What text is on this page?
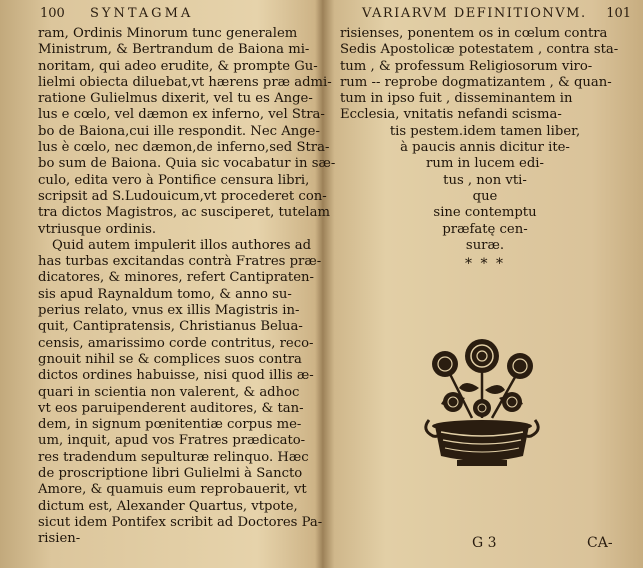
100 SYNTAGMA
ram, Ordinis Minorum tunc generalem
Ministrum, & Bertrandum de Baiona mi-
noritam, qui adeo erudite, & prompte Gu-
lielmi obiecta diluebat,vt hærens præ admi-
ratione Gulielmus dixerit, vel tu es Ange-
lus e cœlo, vel dæmon ex inferno, vel Stra-
bo de Baiona,cui ille respondit. Nec Ange-
lus è cœlo, nec dæmon,de inferno,sed Stra-
bo sum de Baiona. Quia sic vocabatur in sæ-
culo, edita vero à Pontifice censura libri,
scripsit ad S.Ludouicum,vt procederet con-
tra dictos Magistros, ac susciperet, tutelam
vtriusque ordinis.
Quid autem impulerit illos authores ad
has turbas excitandas contrà Fratres præ-
dicatores, & minores, refert Cantipraten-
sis apud Raynaldum tomo, & anno su-
perius relato, vnus ex illis Magistris in-
quit, Cantipratensis, Christianus Belua-
censis, amarissimo corde contritus, reco-
gnouit nihil se & complices suos contra
dictos ordines habuisse, nisi quod illis æ-
quari in scientia non valerent, & adhoc
vt eos paruipenderent auditores, & tan-
dem, in signum pœnitentiæ corpus me-
um, inquit, apud vos Fratres prædicato-
res tradendum sepulturæ relinquo. Hæc
de proscriptione libri Gulielmi à Sancto
Amore, & quamuis eum reprobauerit, vt
dictum est, Alexander Quartus, vtpote,
sicut idem Pontifex scribit ad Doctores Pa-
risien-
VARIARVM DEFINITIONVM. 101
risienses, ponentem os in cœlum contra
Sedis Apostolicæ potestatem , contra sta-
tum , & professum Religiosorum viro-
rum -- reprobe dogmatizantem , & quan-
tum in ipso fuit , disseminantem in
Ecclesia, vnitatis nefandi scisma-
tis pestem.idem tamen liber,
à paucis annis dicitur ite-
rum in lucem edi-
tus , non vti-
que
sine contemptu
præfatę cen-
suræ.
* * *
G 3	CA-
